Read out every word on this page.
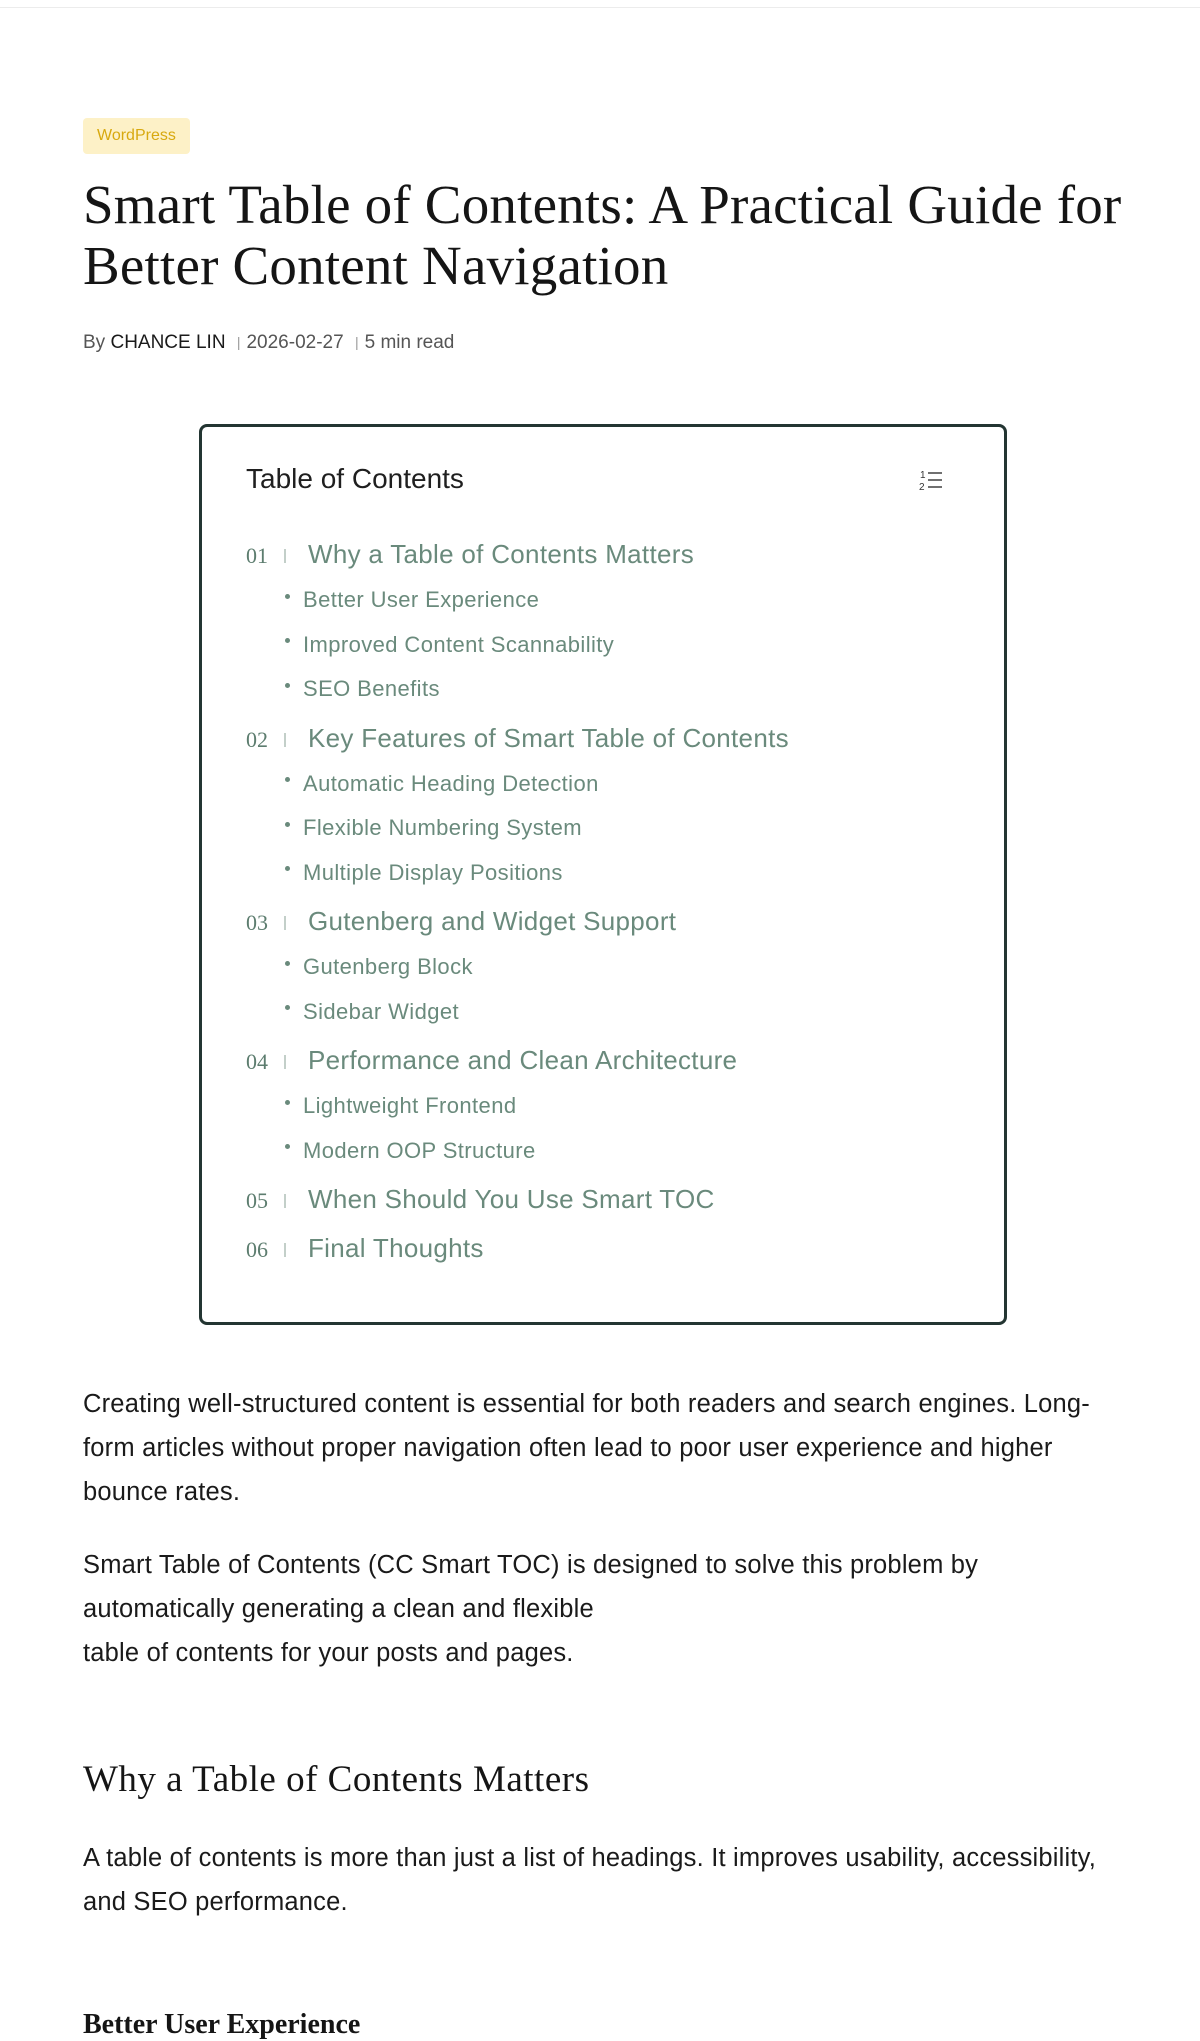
WordPress
Smart Table of Contents: A Practical Guide for Better Content Navigation
By CHANCE LIN | 2026-02-27 | 5 min read
Table of Contents	1
2
01 Why a Table of Contents Matters
Better User Experience
Improved Content Scannability
SEO Benefits
02 Key Features of Smart Table of Contents
Automatic Heading Detection
Flexible Numbering System
Multiple Display Positions
03 Gutenberg and Widget Support
Gutenberg Block
Sidebar Widget
04 Performance and Clean Architecture
Lightweight Frontend
Modern OOP Structure
05 When Should You Use Smart TOC
06 Final Thoughts

Creating well-structured content is essential for both readers and search engines. Long-form articles without proper navigation often lead to poor user experience and higher bounce rates.

Smart Table of Contents (CC Smart TOC) is designed to solve this problem by automatically generating a clean and flexible
table of contents for your posts and pages.

Why a Table of Contents Matters

A table of contents is more than just a list of headings. It improves usability, accessibility, and SEO performance.

Better User Experience
